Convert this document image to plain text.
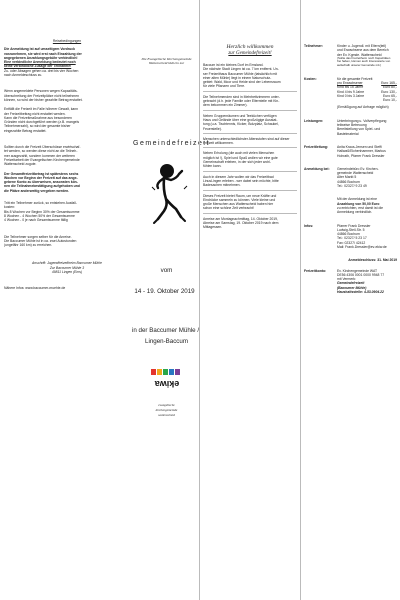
Reisebedingungen

Die Anmeldung ist auf umseitigem Vordruck

vorzunehmen, sie wird erst nach Einzahlung der

angegebenen Anzahlungsgebühr verbindlich!

Eine verbindliche Anmeldung bedeutet noch

keine verbindliche Zusage der Teilnahme!

Zu- oder Absagen gehen ca. drei bis vier Wochen

nach Anmeldeschluss zu.

Wenn angemeldete Personen wegen Kapazitäts-

überschreitung der Freizeitplätze nicht teilnehmen

können, so wird der bisher gezahlte Betrag erstattet.

Entfällt die Freizeit im Falle höherer Gewalt, kann

der Freizeitbeitrag nicht erstattet werden.

Kann die Freizeitmaßnahme aus besonderen

Gründen nicht durchgeführt werden (z.B. mangels

Teilnehmerzahl), so wird der gesamte bisher

eingezahlte Betrag erstattet.

Sollten durch die Freizeit Überschüsse erwirtschaf-

tet werden, so werden diese nicht an die Teilneh-

mer ausgezahlt, sondern kommen der weiteren

Freizeitarbeit der Evangelischen Kirchengemeinde

Wattenscheid zugute.

Der Gesamtfreizeitbetrag ist spätestens sechs

Wochen vor Beginn der Freizeit auf das ange-

gebene Konto zu überweisen, ansonsten kön-

nen die Teilnahmebestätigung aufgehoben und

die Plätze anderweitig vergeben werden.

Tritt ein Teilnehmer zurück, so entstehen Ausfall-

kosten:

Bis 8 Wochen vor Beginn 30% der Gesamtsumme

8 Wochen - 4 Wochen 50% der Gesamtsumme

4 Wochen - 0 je nach Gesamtsumme fällig

Die Teilnehmer sorgen selber für die Anreise.

Die Baccumer Mühle ist in ca. zwei Autostunden

(ungefähr 160 km) zu erreichen.

Anschrift: Jugendfreizeitheim Baccumer Mühle

Zur Baccumer Mühle 3

49811 Lingen (Ems)

Nähere Infos: www.baccumer-muehle.de

Die Evangelische Kirchengemeinde

Wattenscheid lädt ein zur

Gemeindefreizeit

vom

14 - 19. Oktober 2019

in der Baccumer Mühle /

Lingen-Baccum

ekiwa

evangelische

kirchengemeinde

wattenscheid

Herzlich willkommen

zur Gemeindefreizeit!

Baccum ist ein kleines Dorf im Emsland.

Die nächste Stadt Lingen ist ca. 7 km entfernt. Un-

ser Freizeithaus Baccumer Mühle (tatsächlich mit

einer alten Mühle) liegt in einem Naturschutz-

gebiet: Wald, Moor und Heide sind der Lebensraum

für viele Pflanzen und Tiere.

Die Teilnehmenden sind in Mehrbettzimmern unter-

gebracht (d.h. jede Familie oder Elternteile mit Kin-

dern bekommen ein Zimmer).

Neben Gruppenräumen und Teeküchen verfügen

Haus und Gelände über eine großzügige Ausstat-

tung (u.a. Tischtennis, Kicker, Bolzplatz, Schaukel,

Feuerstelle).

Menschen unterschiedlichster Altersstufen sind auf dieser

Freizeit willkommen.

Neben Erholung (die auch mit vielen Menschen

möglich ist !), Spiel und Spaß wollen wir eine gute

Gemeinschaft erleben, in der sich jeder wohl-

fühlen kann.

Auch in diesem Jahr wollen wir das Freizeitbad

LinusLingen erleben - wer dabei sein möchte, bitte

Badesachen mitnehmen.

Dieses Freizeit bietet Raum, um neue Kräfte und

Eindrücke sammeln zu können. Viele kleine und

große Menschen aus Wattenscheid haben hier

schon eine schöne Zeit verbracht!

Anreise am Montagnachmittag, 14. Oktober 2019,

Abreise am Samstag, 19. Oktober 2019 nach dem

Mittagessen.

Teilnehmer:	Kinder u. Jugendl. mit Eltern(teil)

und Erwachsene aus dem Bereich

der Ev. Kgmde. Wattenscheid

(Sollte das Freizeitheim noch Kapazitäten

frei haben, können auch Interessierte von

außerhalb unserer Gemeinde mit.)

Kosten:	für die gesamte Freizeit

pro Erwachsener	Euro 165,-

Kind bis 15 Jahre	Euro 80,-

Kind 4 bis 9 Jahre	Euro 130,-

Kind 0 bis 3 Jahre	Euro 65,-

Euro 10,-

(Ermäßigung auf Anfrage möglich)

Leistungen:	Unterbringung u. Vollverpflegung

teilweise Betreuung

Bereitstellung von Spiel- und

Bastelmaterial

Freizeitleitung:	Anita Kraus-Jensen und Steffi

Hallwaß/Eichenhammer, Markus

Hohrath, Pfarrer Frank Dressler

Anmeldung bei:	Gemeindebüro Ev. Kirchen-

gemeinde Wattenscheid

Alter Markt 5

44866 Bochum

Tel.: 02327/ 9 23 49

Mit der Anmeldung ist eine

Anzahlung von 50,00 Euro

zu entrichten, erst damit ist die

Anmeldung verbindlich.

Infos:	Pfarrer Frank Dressler

Ludwig-Steil-Str. 5

44866 Bochum

Tel.: 02327/ 5 23 17

Fax: 02327/ 42412

Mail: Frank.Dressler@ev-ekiw.de

Anmeldeschluss: 31. Mai 2019

Freizeitkonto:	Ev. Kirchengemeinde WAT

DE56 4306 0001 0000 9948 77

mit Vermerk:

Gemeindefreizeit

(Baccumer Mühle)

Haushaltsstelle: 4-53.0904.22
